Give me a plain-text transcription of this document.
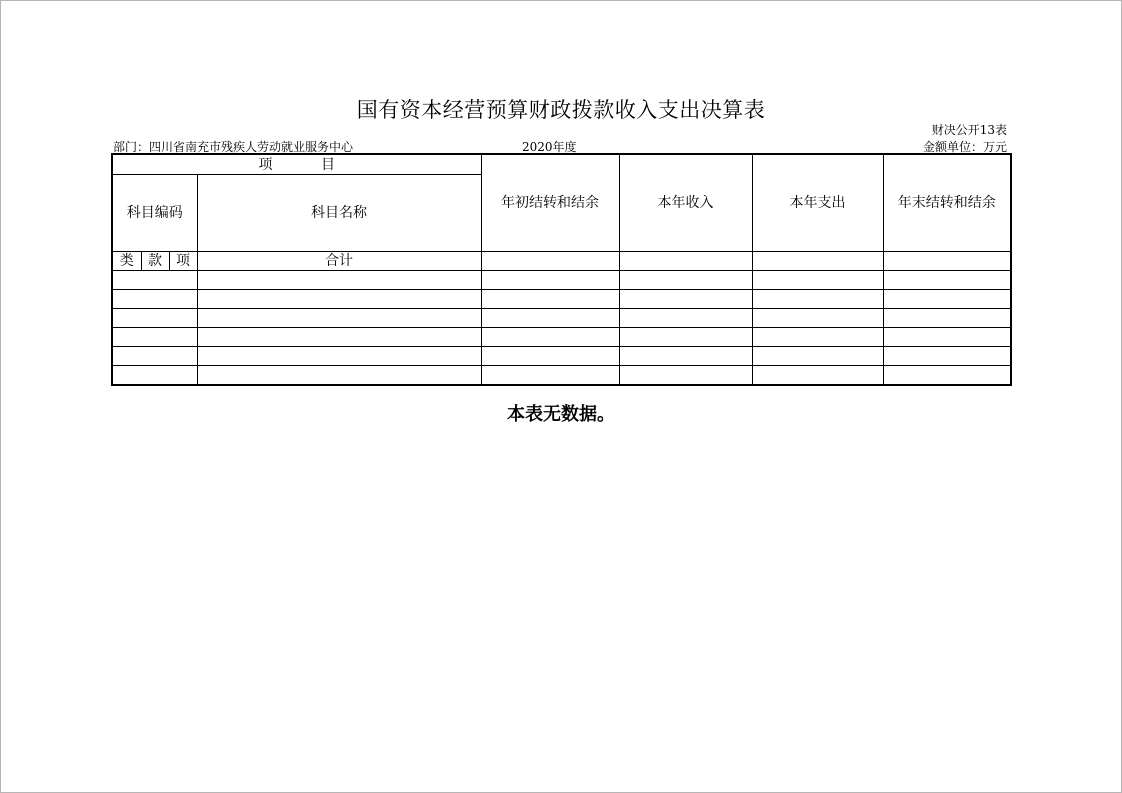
国有资本经营预算财政拨款收入支出决算表
财决公开13表
部门：四川省南充市残疾人劳动就业服务中心	2020年度	金额单位：万元
项 目				年初结转和结余	本年收入	本年支出	年末结转和结余
科目编码			科目名称				
类	款	项	合计				

本表无数据。
